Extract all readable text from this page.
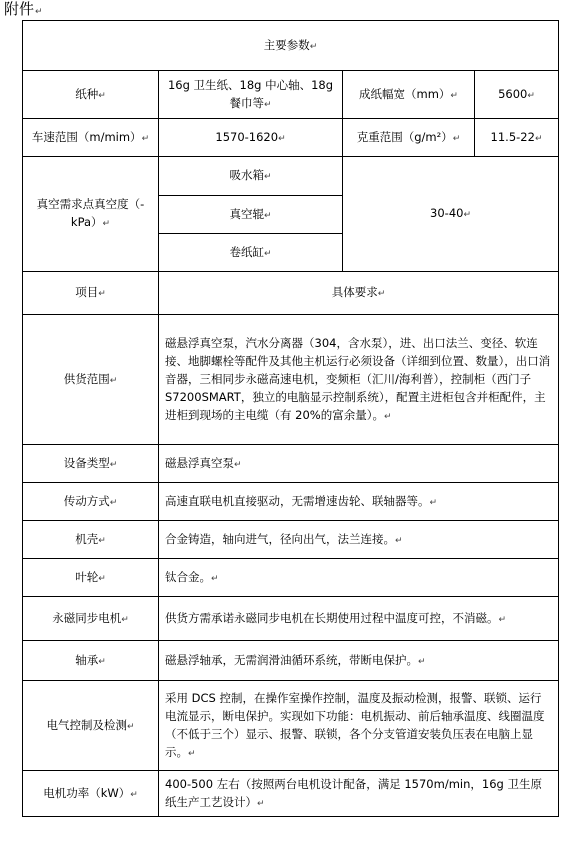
附件↵
主要参数↵			
纸种↵	16g 卫生纸、18g 中心轴、18g 餐巾等↵	成纸幅宽（mm）↵	5600↵
车速范围（m/mim）↵	1570-1620↵	克重范围（g/m²）↵	11.5-22↵
真空需求点真空度（-kPa）↵	吸水箱↵	30-40↵	
	真空辊↵		
	卷纸缸↵		
项目↵	具体要求↵		
供货范围↵	磁悬浮真空泵，汽水分离器（304，含水泵），进、出口法兰、变径、软连接、地脚螺栓等配件及其他主机运行必须设备（详细到位置、数量），出口消音器，三相同步永磁高速电机，变频柜（汇川/海利普），控制柜（西门子 S7200SMART，独立的电脑显示控制系统），配置主进柜包含并柜配件，主进柜到现场的主电缆（有 20%的富余量）。↵		
设备类型↵	磁悬浮真空泵↵		
传动方式↵	高速直联电机直接驱动，无需增速齿轮、联轴器等。↵		
机壳↵	合金铸造，轴向进气，径向出气，法兰连接。↵		
叶轮↵	钛合金。↵		
永磁同步电机↵	供货方需承诺永磁同步电机在长期使用过程中温度可控，不消磁。↵		
轴承↵	磁悬浮轴承，无需润滑油循环系统，带断电保护。↵		
电气控制及检测↵	采用 DCS 控制，在操作室操作控制，温度及振动检测，报警、联锁、运行电流显示，断电保护。实现如下功能：电机振动、前后轴承温度、线圈温度（不低于三个）显示、报警、联锁，各个分支管道安装负压表在电脑上显示。↵		
电机功率（kW）↵	400-500 左右（按照两台电机设计配备，满足 1570m/min，16g 卫生原纸生产工艺设计）↵		
